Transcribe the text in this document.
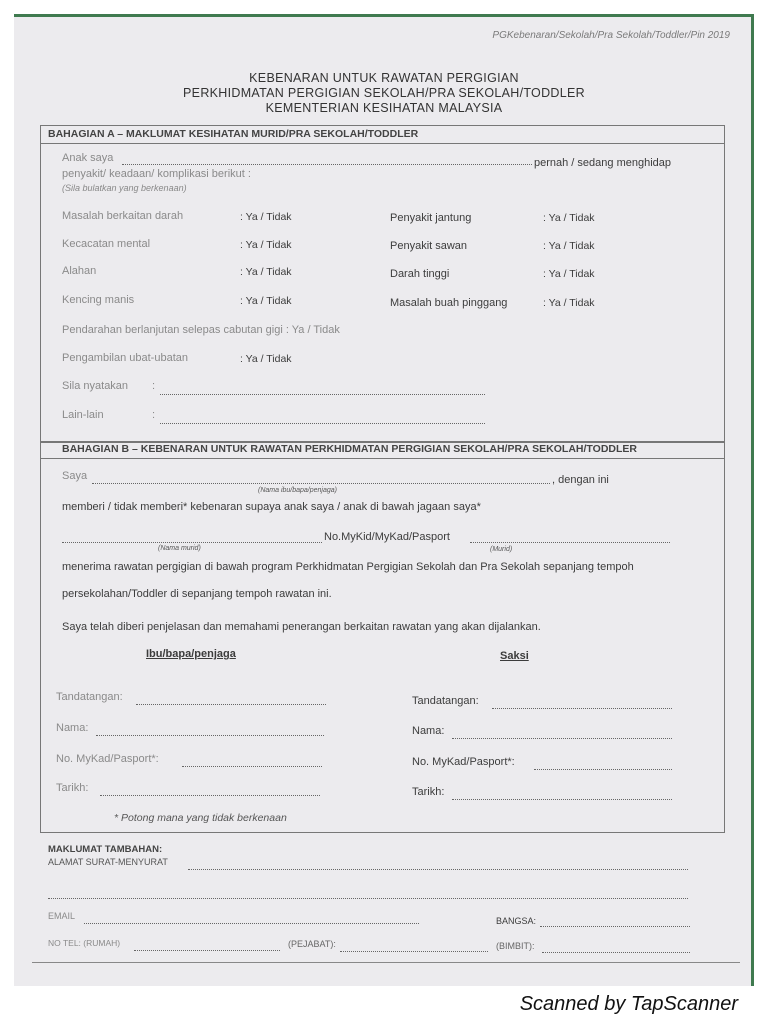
PGKebenaran/Sekolah/Pra Sekolah/Toddler/Pin 2019
KEBENARAN UNTUK RAWATAN PERGIGIAN
PERKHIDMATAN PERGIGIAN SEKOLAH/PRA SEKOLAH/TODDLER
KEMENTERIAN KESIHATAN MALAYSIA
BAHAGIAN A – MAKLUMAT KESIHATAN MURID/PRA SEKOLAH/TODDLER
Anak saya	pernah / sedang menghidap
penyakit/ keadaan/ komplikasi berikut :
(Sila bulatkan yang berkenaan)
Masalah berkaitan darah	: Ya / Tidak	Penyakit jantung	: Ya / Tidak
Kecacatan mental	: Ya / Tidak	Penyakit sawan	: Ya / Tidak
Alahan	: Ya / Tidak	Darah tinggi	: Ya / Tidak
Kencing manis	: Ya / Tidak	Masalah buah pinggang	: Ya / Tidak
Pendarahan berlanjutan selepas cabutan gigi : Ya / Tidak
Pengambilan ubat-ubatan	: Ya / Tidak
Sila nyatakan :
Lain-lain	:
BAHAGIAN B – KEBENARAN UNTUK RAWATAN PERKHIDMATAN PERGIGIAN SEKOLAH/PRA SEKOLAH/TODDLER
Saya	, dengan ini
(Nama ibu/bapa/penjaga)
memberi / tidak memberi* kebenaran supaya anak saya / anak di bawah jagaan saya*
No.MyKid/MyKad/Pasport
(Nama murid)	(Murid)
menerima rawatan pergigian di bawah program Perkhidmatan Pergigian Sekolah dan Pra Sekolah sepanjang tempoh
persekolahan/Toddler di sepanjang tempoh rawatan ini.
Saya telah diberi penjelasan dan memahami penerangan berkaitan rawatan yang akan dijalankan.
Ibu/bapa/penjaga	Saksi
Tandatangan:	Tandatangan:
Nama:	Nama:
No. MyKad/Pasport*:	No. MyKad/Pasport*:
Tarikh:	Tarikh:
* Potong mana yang tidak berkenaan
MAKLUMAT TAMBAHAN:
ALAMAT SURAT-MENYURAT
EMAIL	BANGSA:
NO TEL: (RUMAH)	(PEJABAT):	(BIMBIT):
Scanned by TapScanner
